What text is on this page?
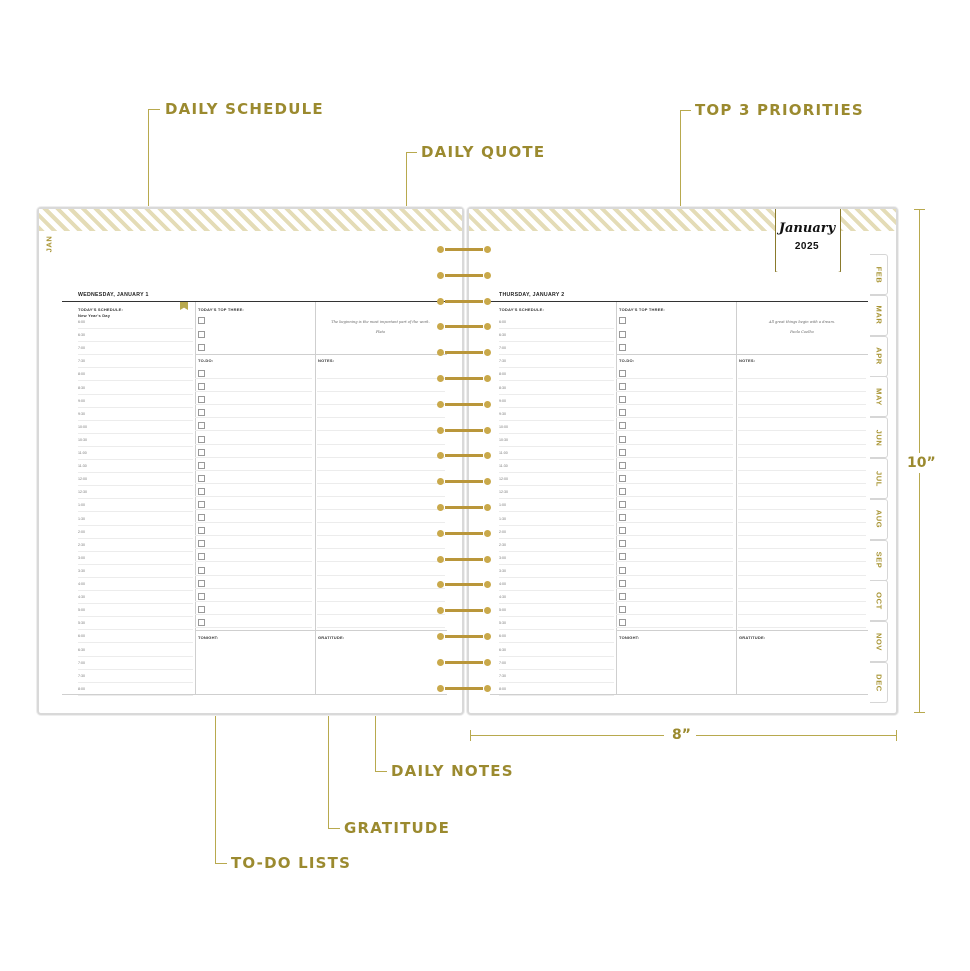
DAILY SCHEDULE
DAILY QUOTE
TOP 3 PRIORITIES
DAILY NOTES
GRATITUDE
TO-DO LISTS
10”
8”
JAN
January
2025
WEDNESDAY, JANUARY 1
TODAY'S SCHEDULE:
New Year's Day
6:00
6:30
7:00
7:30
8:00
8:30
9:00
9:30
10:00
10:30
11:00
11:30
12:00
12:30
1:00
1:30
2:00
2:30
3:00
3:30
4:00
4:30
5:00
5:30
6:00
6:30
7:00
7:30
8:00
TODAY'S TOP THREE:
The beginning is the most important part of the work.
Plato
TO-DO:	NOTES:
TONIGHT:	GRATITUDE:
THURSDAY, JANUARY 2
TODAY'S SCHEDULE:
6:00
6:30
7:00
7:30
8:00
8:30
9:00
9:30
10:00
10:30
11:00
11:30
12:00
12:30
1:00
1:30
2:00
2:30
3:00
3:30
4:00
4:30
5:00
5:30
6:00
6:30
7:00
7:30
8:00
TODAY'S TOP THREE:
All great things begin with a dream.
Paolo Coelho
TO-DO:	NOTES:
TONIGHT:	GRATITUDE:
FEB
MAR
APR
MAY
JUN
JUL
AUG
SEP
OCT
NOV
DEC
